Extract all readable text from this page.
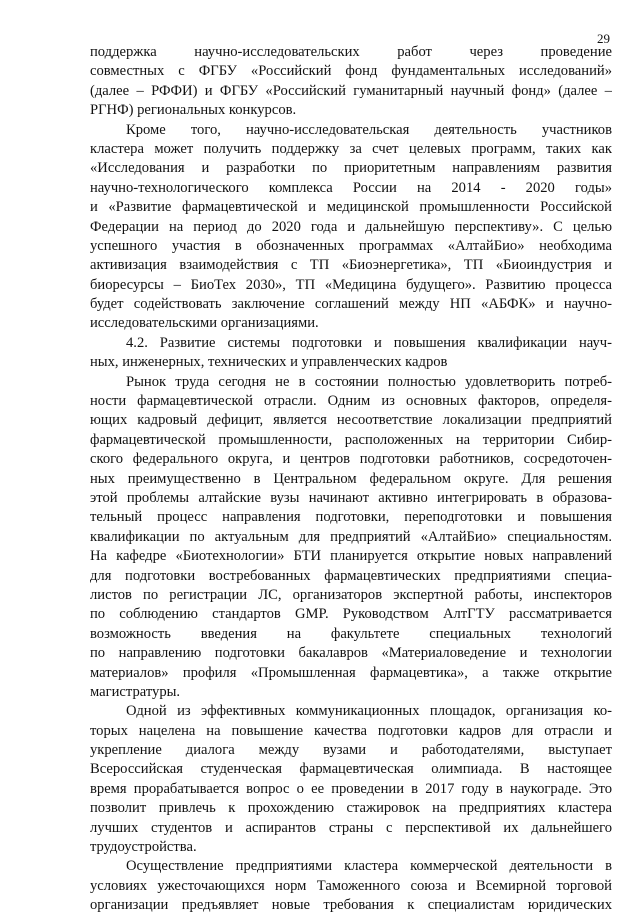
29
поддержка научно-исследовательских работ через проведение
совместных с ФГБУ «Российский фонд фундаментальных исследований»
(далее – РФФИ) и ФГБУ «Российский гуманитарный научный фонд» (далее –
РГНФ) региональных конкурсов.
Кроме того, научно-исследовательская деятельность участников
кластера может получить поддержку за счет целевых программ, таких как
«Исследования и разработки по приоритетным направлениям развития
научно-технологического комплекса России на 2014 - 2020 годы»
и «Развитие фармацевтической и медицинской промышленности Российской
Федерации на период до 2020 года и дальнейшую перспективу». С целью
успешного участия в обозначенных программах «АлтайБио» необходима
активизация взаимодействия с ТП «Биоэнергетика», ТП «Биоиндустрия и
биоресурсы – БиоТех 2030», ТП «Медицина будущего». Развитию процесса
будет содействовать заключение соглашений между НП «АБФК» и научно-
исследовательскими организациями.
4.2. Развитие системы подготовки и повышения квалификации науч-
ных, инженерных, технических и управленческих кадров
Рынок труда сегодня не в состоянии полностью удовлетворить потреб-
ности фармацевтической отрасли. Одним из основных факторов, определя-
ющих кадровый дефицит, является несоответствие локализации предприятий
фармацевтической промышленности, расположенных на территории Сибир-
ского федерального округа, и центров подготовки работников, сосредоточен-
ных преимущественно в Центральном федеральном округе. Для решения
этой проблемы алтайские вузы начинают активно интегрировать в образова-
тельный процесс направления подготовки, переподготовки и повышения
квалификации по актуальным для предприятий «АлтайБио» специальностям.
На кафедре «Биотехнологии» БТИ планируется открытие новых направлений
для подготовки востребованных фармацевтических предприятиями специа-
листов по регистрации ЛС, организаторов экспертной работы, инспекторов
по соблюдению стандартов GMP. Руководством АлтГТУ рассматривается
возможность введения на факультете специальных технологий
по направлению подготовки бакалавров «Материаловедение и технологии
материалов» профиля «Промышленная фармацевтика», а также открытие
магистратуры.
Одной из эффективных коммуникационных площадок, организация ко-
торых нацелена на повышение качества подготовки кадров для отрасли и
укрепление диалога между вузами и работодателями, выступает
Всероссийская студенческая фармацевтическая олимпиада. В настоящее
время прорабатывается вопрос о ее проведении в 2017 году в наукограде. Это
позволит привлечь к прохождению стажировок на предприятиях кластера
лучших студентов и аспирантов страны с перспективой их дальнейшего
трудоустройства.
Осуществление предприятиями кластера коммерческой деятельности в
условиях ужесточающихся норм Таможенного союза и Всемирной торговой
организации предъявляет новые требования к специалистам юридических
